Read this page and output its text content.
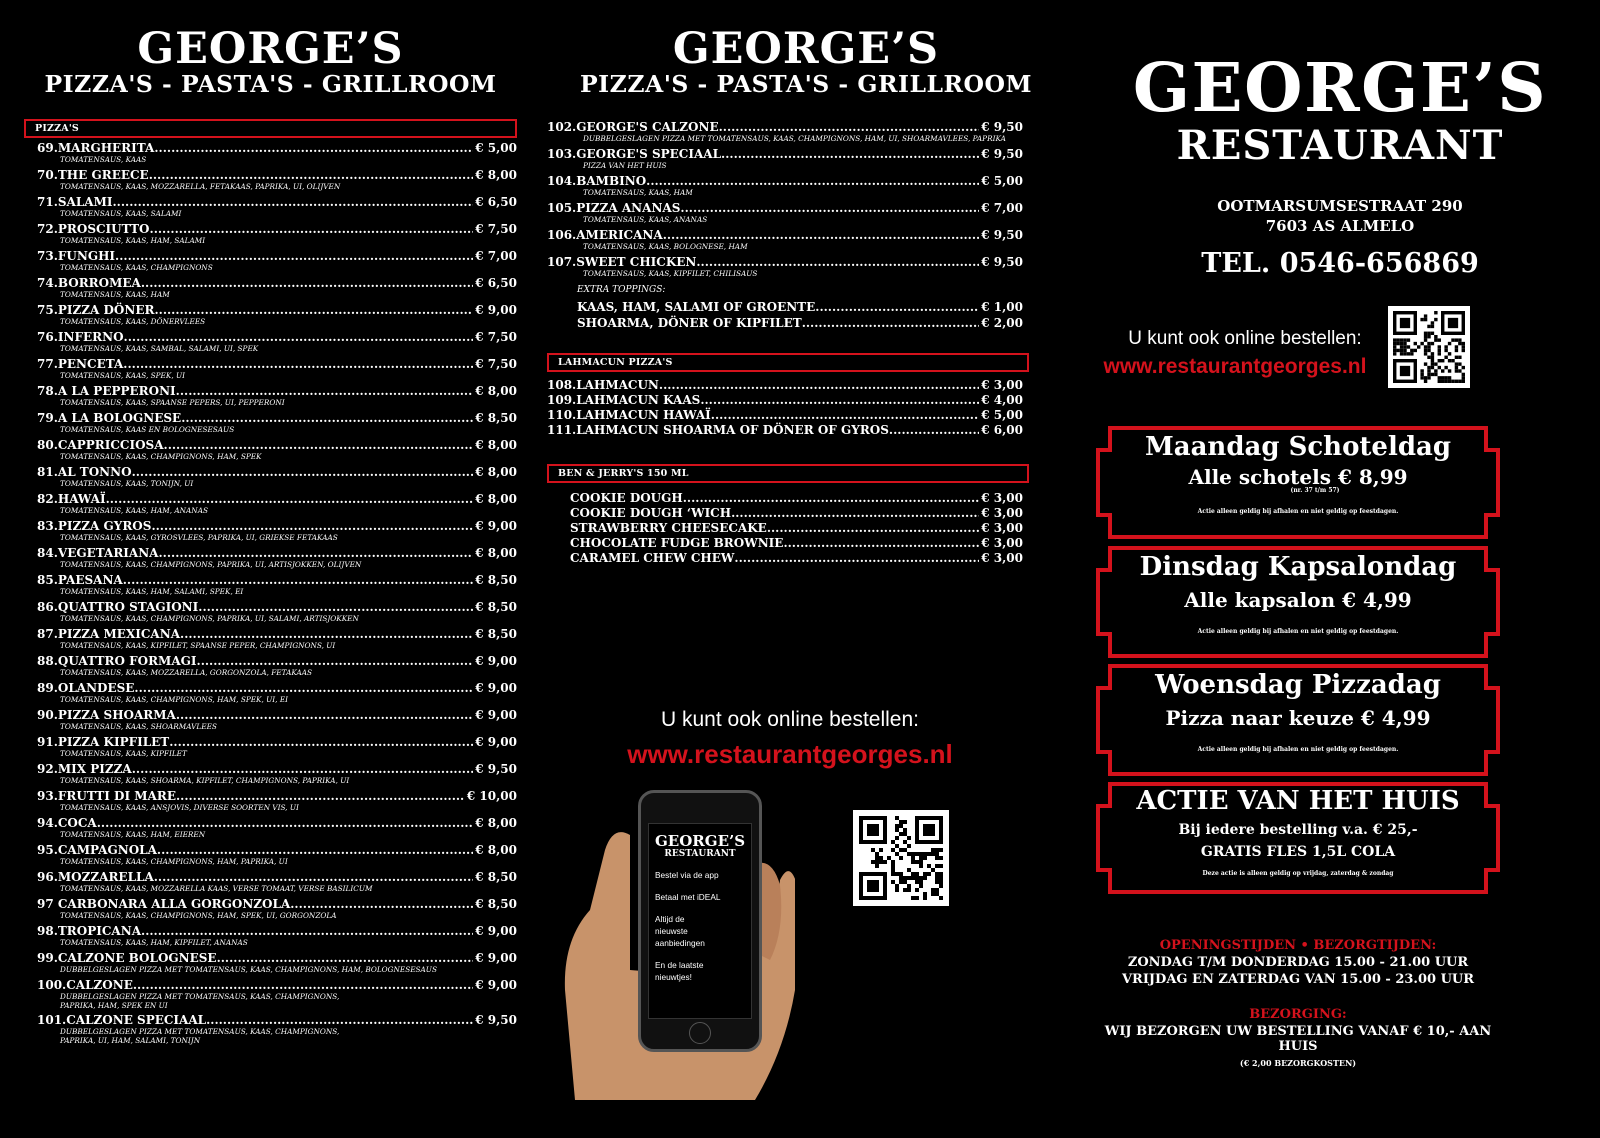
GEORGE’S
PIZZA'S - PASTA'S - GRILLROOM
PIZZA'S
69.MARGHERITA .....	€ 5,00
TOMATENSAUS, KAAS
70.THE GREECE .....	€ 8,00
TOMATENSAUS, KAAS, MOZZARELLA, FETAKAAS, PAPRIKA, UI, OLIJVEN
71.SALAMI .....	€ 6,50
TOMATENSAUS, KAAS, SALAMI
72.PROSCIUTTO .....	€ 7,50
TOMATENSAUS, KAAS, HAM, SALAMI
73.FUNGHI .....	€ 7,00
TOMATENSAUS, KAAS, CHAMPIGNONS
74.BORROMEA .....	€ 6,50
TOMATENSAUS, KAAS, HAM
75.PIZZA DÖNER .....	€ 9,00
TOMATENSAUS, KAAS, DÖNERVLEES
76.INFERNO .....	€ 7,50
TOMATENSAUS, KAAS, SAMBAL, SALAMI, UI, SPEK
77.PENCETA .....	€ 7,50
TOMATENSAUS, KAAS, SPEK, UI
78.A LA PEPPERONI .....	€ 8,00
TOMATENSAUS, KAAS, SPAANSE PEPERS, UI, PEPPERONI
79.A LA BOLOGNESE .....	€ 8,50
TOMATENSAUS, KAAS EN BOLOGNESESAUS
80.CAPPRICCIOSA .....	€ 8,00
TOMATENSAUS, KAAS, CHAMPIGNONS, HAM, SPEK
81.AL TONNO .....	€ 8,00
TOMATENSAUS, KAAS, TONIJN, UI
82.HAWAÏ .....	€ 8,00
TOMATENSAUS, KAAS, HAM, ANANAS
83.PIZZA GYROS .....	€ 9,00
TOMATENSAUS, KAAS, GYROSVLEES, PAPRIKA, UI, GRIEKSE FETAKAAS
84.VEGETARIANA .....	€ 8,00
TOMATENSAUS, KAAS, CHAMPIGNONS, PAPRIKA, UI, ARTISJOKKEN, OLIJVEN
85.PAESANA .....	€ 8,50
TOMATENSAUS, KAAS, HAM, SALAMI, SPEK, EI
86.QUATTRO STAGIONI .....	€ 8,50
TOMATENSAUS, KAAS, CHAMPIGNONS, PAPRIKA, UI, SALAMI, ARTISJOKKEN
87.PIZZA MEXICANA .....	€ 8,50
TOMATENSAUS, KAAS, KIPFILET, SPAANSE PEPER, CHAMPIGNONS, UI
88.QUATTRO FORMAGI .....	€ 9,00
TOMATENSAUS, KAAS, MOZZARELLA, GORGONZOLA, FETAKAAS
89.OLANDESE .....	€ 9,00
TOMATENSAUS, KAAS, CHAMPIGNONS, HAM, SPEK, UI, EI
90.PIZZA SHOARMA .....	€ 9,00
TOMATENSAUS, KAAS, SHOARMAVLEES
91.PIZZA KIPFILET .....	€ 9,00
TOMATENSAUS, KAAS, KIPFILET
92.MIX PIZZA .....	€ 9,50
TOMATENSAUS, KAAS, SHOARMA, KIPFILET, CHAMPIGNONS, PAPRIKA, UI
93.FRUTTI DI MARE .....	€ 10,00
TOMATENSAUS, KAAS, ANSJOVIS, DIVERSE SOORTEN VIS, UI
94.COCA .....	€ 8,00
TOMATENSAUS, KAAS, HAM, EIEREN
95.CAMPAGNOLA .....	€ 8,00
TOMATENSAUS, KAAS, CHAMPIGNONS, HAM, PAPRIKA, UI
96.MOZZARELLA .....	€ 8,50
TOMATENSAUS, KAAS, MOZZARELLA KAAS, VERSE TOMAAT, VERSE BASILICUM
97 CARBONARA ALLA GORGONZOLA .....	€ 8,50
TOMATENSAUS, KAAS, CHAMPIGNONS, HAM, SPEK, UI, GORGONZOLA
98.TROPICANA .....	€ 9,00
TOMATENSAUS, KAAS, HAM, KIPFILET, ANANAS
99.CALZONE BOLOGNESE .....	€ 9,00
DUBBELGESLAGEN PIZZA MET TOMATENSAUS, KAAS, CHAMPIGNONS, HAM, BOLOGNESESAUS
100.CALZONE .....	€ 9,00
DUBBELGESLAGEN PIZZA MET TOMATENSAUS, KAAS, CHAMPIGNONS,
PAPRIKA, HAM, SPEK EN UI
101.CALZONE SPECIAAL .....	€ 9,50
DUBBELGESLAGEN PIZZA MET TOMATENSAUS, KAAS, CHAMPIGNONS,
PAPRIKA, UI, HAM, SALAMI, TONIJN
GEORGE’S
PIZZA'S - PASTA'S - GRILLROOM
102.GEORGE'S CALZONE .....	€ 9,50
DUBBELGESLAGEN PIZZA MET TOMATENSAUS, KAAS, CHAMPIGNONS, HAM, UI, SHOARMAVLEES, PAPRIKA
103.GEORGE'S SPECIAAL .....	€ 9,50
PIZZA VAN HET HUIS
104.BAMBINO .....	€ 5,00
TOMATENSAUS, KAAS, HAM
105.PIZZA ANANAS .....	€ 7,00
TOMATENSAUS, KAAS, ANANAS
106.AMERICANA .....	€ 9,50
TOMATENSAUS, KAAS, BOLOGNESE, HAM
107.SWEET CHICKEN .....	€ 9,50
TOMATENSAUS, KAAS, KIPFILET, CHILISAUS
EXTRA TOPPINGS:
KAAS, HAM, SALAMI OF GROENTE .....	€ 1,00
SHOARMA, DÖNER OF KIPFILET .....	€ 2,00
LAHMACUN PIZZA'S
108.LAHMACUN .....	€ 3,00
109.LAHMACUN KAAS .....	€ 4,00
110.LAHMACUN HAWAÏ .....	€ 5,00
111.LAHMACUN SHOARMA OF DÖNER OF GYROS .....	€ 6,00
BEN & JERRY'S 150 ML
COOKIE DOUGH .....	€ 3,00
COOKIE DOUGH ‘WICH .....	€ 3,00
STRAWBERRY CHEESECAKE .....	€ 3,00
CHOCOLATE FUDGE BROWNIE .....	€ 3,00
CARAMEL CHEW CHEW .....	€ 3,00
U kunt ook online bestellen:
www.restaurantgeorges.nl
GEORGE’S
RESTAURANT
Bestel via de app
Betaal met iDEAL
Altijd de
nieuwste
aanbiedingen
En de laatste
nieuwtjes!
GEORGE’S
RESTAURANT
OOTMARSUMSESTRAAT 290
7603 AS ALMELO
TEL. 0546-656869
U kunt ook online bestellen:
www.restaurantgeorges.nl
Maandag Schoteldag
Alle schotels € 8,99
(nr. 37 t/m 57)
Actie alleen geldig bij afhalen en niet geldig op feestdagen.
Dinsdag Kapsalondag
Alle kapsalon € 4,99
Actie alleen geldig bij afhalen en niet geldig op feestdagen.
Woensdag Pizzadag
Pizza naar keuze € 4,99
Actie alleen geldig bij afhalen en niet geldig op feestdagen.
ACTIE VAN HET HUIS
Bij iedere bestelling v.a. € 25,-
GRATIS FLES 1,5L COLA
Deze actie is alleen geldig op vrijdag, zaterdag & zondag
OPENINGSTIJDEN • BEZORGTIJDEN:
ZONDAG T/M DONDERDAG 15.00 - 21.00 UUR
VRIJDAG EN ZATERDAG VAN 15.00 - 23.00 UUR
BEZORGING:
WIJ BEZORGEN UW BESTELLING VANAF € 10,- AAN HUIS
(€ 2,00 BEZORGKOSTEN)
